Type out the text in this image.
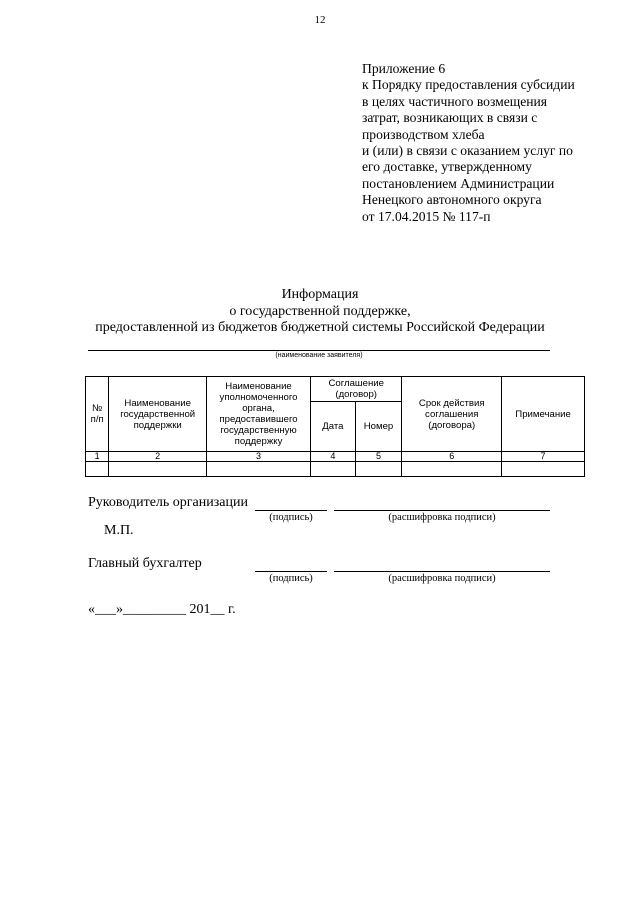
12
Приложение 6
к Порядку предоставления субсидии
в целях частичного возмещения
затрат, возникающих в связи с
производством хлеба
и (или) в связи с оказанием услуг по
его доставке, утвержденному
постановлением Администрации
Ненецкого автономного округа
от 17.04.2015 № 117-п
Информация
о государственной поддержке,
предоставленной из бюджетов бюджетной системы Российской Федерации
(наименование заявителя)
№ п/п	Наименование государственной поддержки	Наименование уполномоченного органа, предоставившего государственную поддержку	Соглашение (договор)		Срок действия соглашения (договора)	Примечание
			Дата	Номер		
1	2	3	4	5	6	7

Руководитель организации
(подпись)	(расшифровка подписи)
М.П.
Главный бухгалтер
(подпись)	(расшифровка подписи)
«___»_________ 201__ г.
